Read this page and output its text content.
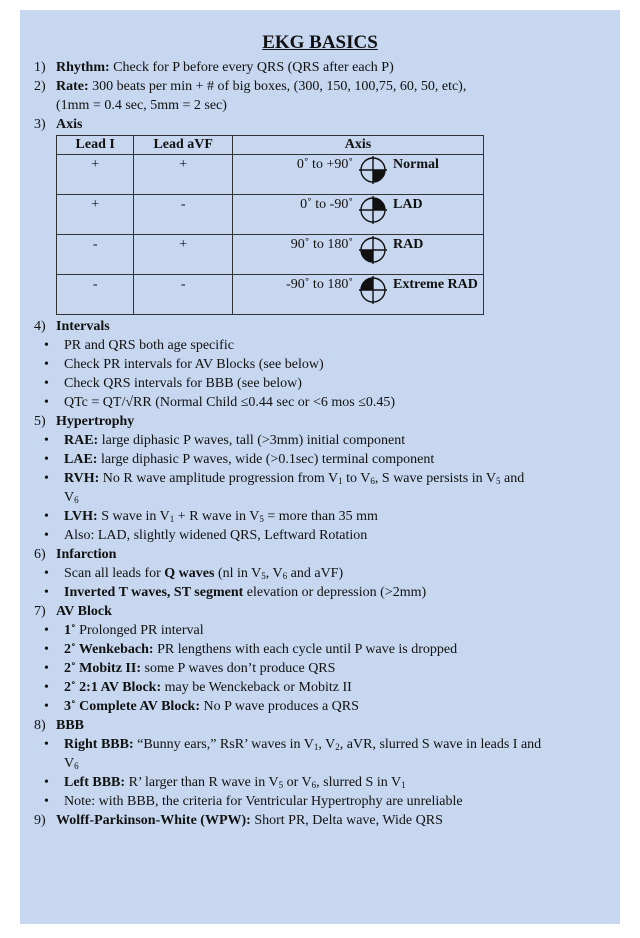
EKG BASICS
1) Rhythm: Check for P before every QRS (QRS after each P)
2) Rate: 300 beats per min + # of big boxes, (300, 150, 100,75, 60, 50, etc),
(1mm = 0.4 sec, 5mm = 2 sec)
3) Axis
Lead I	Lead aVF	Axis
+	+	0˚ to +90˚ Normal

+	-	0˚ to -90˚ LAD

-	+	90˚ to 180˚ RAD

-	-	-90˚ to 180˚ Extreme RAD
4) Intervals
• PR and QRS both age specific
• Check PR intervals for AV Blocks (see below)
• Check QRS intervals for BBB (see below)
• QTc = QT/√RR (Normal Child ≤0.44 sec or <6 mos ≤0.45)
5) Hypertrophy
• RAE: large diphasic P waves, tall (>3mm) initial component
• LAE: large diphasic P waves, wide (>0.1sec) terminal component
• RVH: No R wave amplitude progression from $V_1$ to $V_6$, S wave persists in $V_5$ and
$V_6$
• LVH: S wave in $V_1 + R$ wave in $V_5$ = more than 35 mm
• Also: LAD, slightly widened QRS, Leftward Rotation
6) Infarction
• Scan all leads for Q waves (nl in $V_5$, $V_6$ and aVF)
• Inverted T waves, ST segment elevation or depression (>2mm)
7) AV Block
• 1˚ Prolonged PR interval
• 2˚ Wenkebach: PR lengthens with each cycle until P wave is dropped
• 2˚ Mobitz II: some P waves don’t produce QRS
• 2˚ 2:1 AV Block: may be Wenckeback or Mobitz II
• 3˚ Complete AV Block: No P wave produces a QRS
8) BBB
• Right BBB: “Bunny ears,” RsR’ waves in $V_1$, $V_2$, aVR, slurred S wave in leads I and
$V_6$
• Left BBB: R’ larger than R wave in $V_5$ or $V_6$, slurred S in $V_1$
• Note: with BBB, the criteria for Ventricular Hypertrophy are unreliable
9) Wolff-Parkinson-White (WPW): Short PR, Delta wave, Wide QRS
